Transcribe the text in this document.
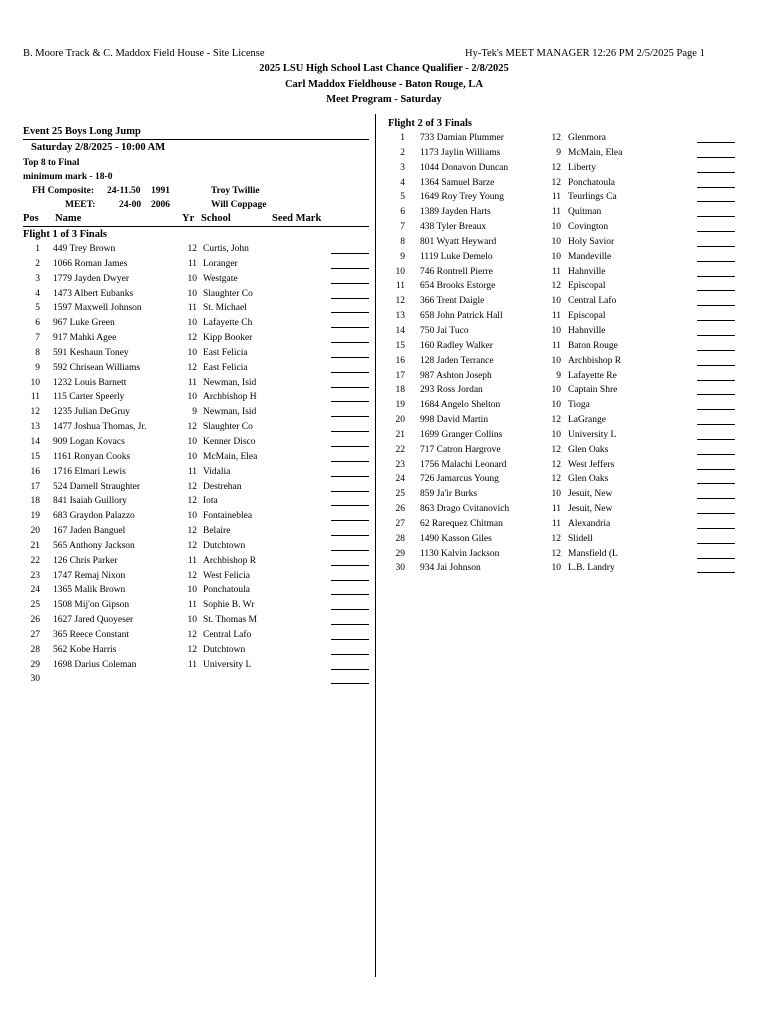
B. Moore Track & C. Maddox Field House - Site License	Hy-Tek's MEET MANAGER 12:26 PM 2/5/2025 Page 1
2025 LSU High School Last Chance Qualifier - 2/8/2025
Carl Maddox Fieldhouse - Baton Rouge, LA
Meet Program - Saturday
Event 25 Boys Long Jump
Saturday 2/8/2025 - 10:00 AM
Top 8 to Final
minimum mark - 18-0
FH Composite: 24-11.50 1991	Troy Twillie
MEET: 24-00 2006	Will Coppage
Pos Name	Yr School	Seed Mark
Flight 1 of 3 Finals
1 449 Trey Brown	12 Curtis, John
2 1066 Roman James	11 Loranger
3 1779 Jayden Dwyer	10 Westgate
4 1473 Albert Eubanks	10 Slaughter Co
5 1597 Maxwell Johnson	11 St. Michael
6 967 Luke Green	10 Lafayette Ch
7 917 Mahki Agee	12 Kipp Booker
8 591 Keshaun Toney	10 East Felicia
9 592 Chrisean Williams	12 East Felicia
10 1232 Louis Barnett	11 Newman, Isid
11 115 Carter Speerly	10 Archbishop H
12 1235 Julian DeGruy	9 Newman, Isid
13 1477 Joshua Thomas, Jr.	12 Slaughter Co
14 909 Logan Kovacs	10 Kenner Disco
15 1161 Ronyan Cooks	10 McMain, Elea
16 1716 Elmari Lewis	11 Vidalia
17 524 Darnell Straughter	12 Destrehan
18 841 Isaiah Guillory	12 Iota
19 683 Graydon Palazzo	10 Fontaineblea
20 167 Jaden Banguel	12 Belaire
21 565 Anthony Jackson	12 Dutchtown
22 126 Chris Parker	11 Archbishop R
23 1747 Remaj Nixon	12 West Felicia
24 1365 Malik Brown	10 Ponchatoula
25 1508 Mij'on Gipson	11 Sophie B. Wr
26 1627 Jared Quoyeser	10 St. Thomas M
27 365 Reece Constant	12 Central Lafo
28 562 Kobe Harris	12 Dutchtown
29 1698 Darius Coleman	11 University L
30
Flight 2 of 3 Finals
1 733 Damian Plummer	12 Glenmora
2 1173 Jaylin Williams	9 McMain, Elea
3 1044 Donavon Duncan	12 Liberty
4 1364 Samuel Barze	12 Ponchatoula
5 1649 Roy Trey Young	11 Teurlings Ca
6 1389 Jayden Harts	11 Quitman
7 438 Tyler Breaux	10 Covington
8 801 Wyatt Heyward	10 Holy Savior
9 1119 Luke Demelo	10 Mandeville
10 746 Rontrell Pierre	11 Hahnville
11 654 Brooks Estorge	12 Episcopal
12 366 Trent Daigle	10 Central Lafo
13 658 John Patrick Hall	11 Episcopal
14 750 Jai Tuco	10 Hahnville
15 160 Radley Walker	11 Baton Rouge
16 128 Jaden Terrance	10 Archbishop R
17 987 Ashton Joseph	9 Lafayette Re
18 293 Ross Jordan	10 Captain Shre
19 1684 Angelo Shelton	10 Tioga
20 998 David Martin	12 LaGrange
21 1699 Granger Collins	10 University L
22 717 Catron Hargrove	12 Glen Oaks
23 1756 Malachi Leonard	12 West Jeffers
24 726 Jamarcus Young	12 Glen Oaks
25 859 Ja'ir Burks	10 Jesuit, New
26 863 Drago Cvitanovich	11 Jesuit, New
27 62 Rarequez Chitman	11 Alexandria
28 1490 Kasson Giles	12 Slidell
29 1130 Kalvin Jackson	12 Mansfield (L
30 934 Jai Johnson	10 L.B. Landry
